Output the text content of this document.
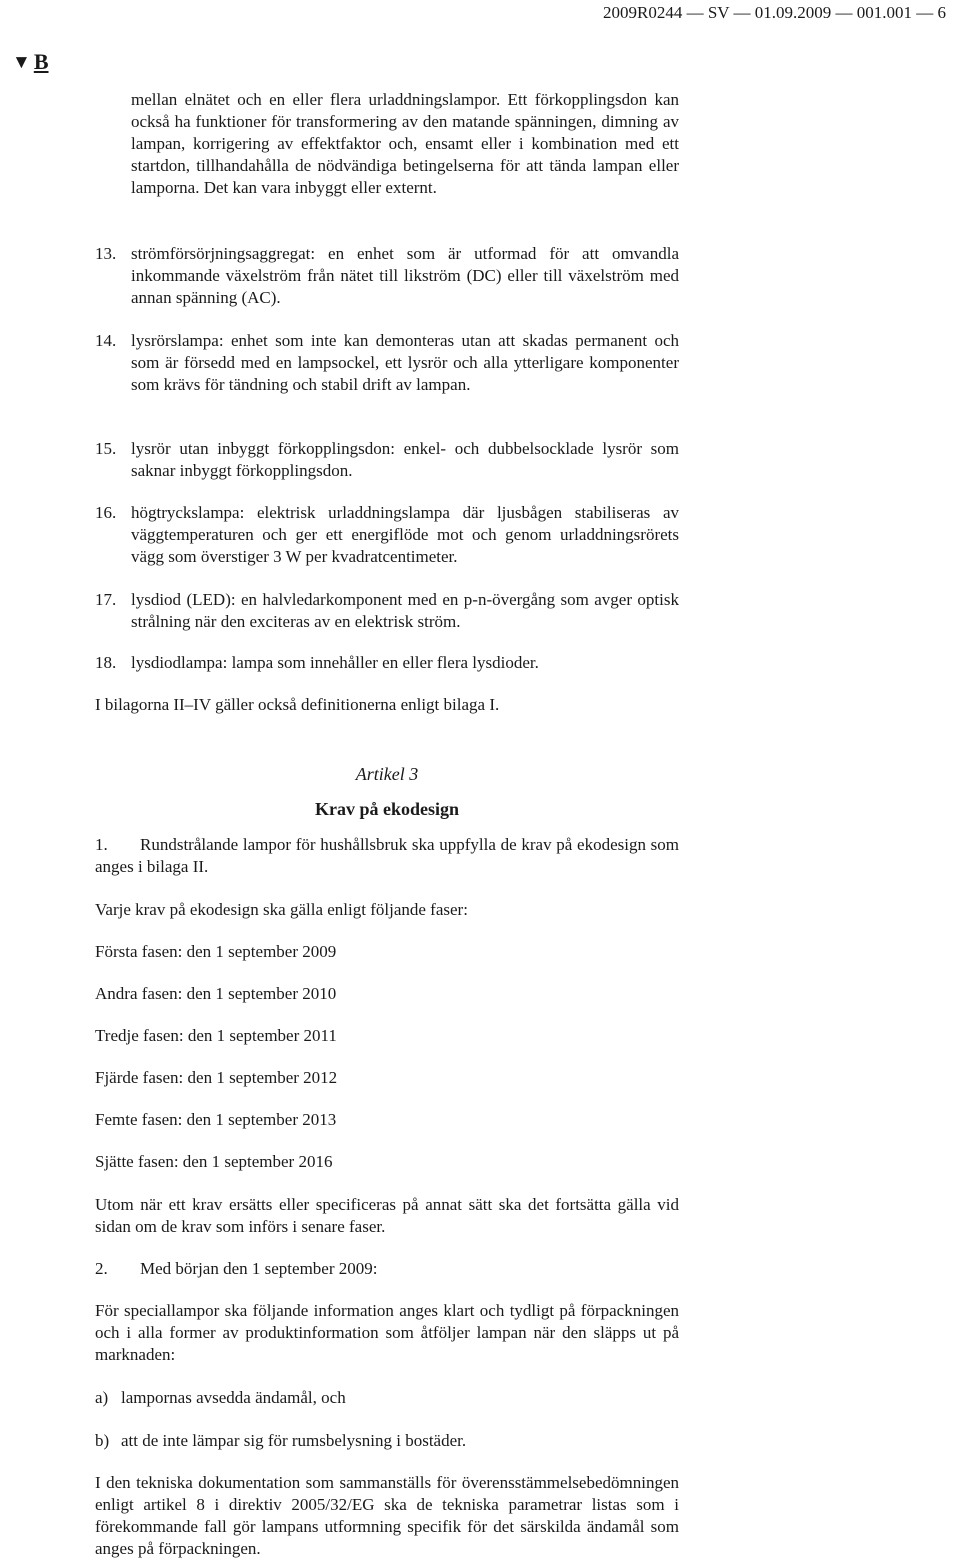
2009R0244 — SV — 01.09.2009 — 001.001 — 6
▼ B

mellan elnätet och en eller flera urladdningslampor. Ett förkopplingsdon kan också ha funktioner för transformering av den matande spänningen, dimning av lampan, korrigering av effektfaktor och, ensamt eller i kombination med ett startdon, tillhandahålla de nödvändiga betingelserna för att tända lampan eller lamporna. Det kan vara inbyggt eller externt.

13. strömförsörjningsaggregat: en enhet som är utformad för att omvandla inkommande växelström från nätet till likström (DC) eller till växelström med annan spänning (AC).
14. lysrörslampa: enhet som inte kan demonteras utan att skadas permanent och som är försedd med en lampsockel, ett lysrör och alla ytterligare komponenter som krävs för tändning och stabil drift av lampan.
15. lysrör utan inbyggt förkopplingsdon: enkel- och dubbelsocklade lysrör som saknar inbyggt förkopplingsdon.
16. högtryckslampa: elektrisk urladdningslampa där ljusbågen stabiliseras av väggtemperaturen och ger ett energiflöde mot och genom urladdningsrörets vägg som överstiger 3 W per kvadratcentimeter.
17. lysdiod (LED): en halvledarkomponent med en p-n-övergång som avger optisk strålning när den exciteras av en elektrisk ström.
18. lysdiodlampa: lampa som innehåller en eller flera lysdioder.

I bilagorna II–IV gäller också definitionerna enligt bilaga I.

Artikel 3

Krav på ekodesign

1.	Rundstrålande lampor för hushållsbruk ska uppfylla de krav på ekodesign som anges i bilaga II.

Varje krav på ekodesign ska gälla enligt följande faser:

Första fasen: den 1 september 2009

Andra fasen: den 1 september 2010

Tredje fasen: den 1 september 2011

Fjärde fasen: den 1 september 2012

Femte fasen: den 1 september 2013

Sjätte fasen: den 1 september 2016

Utom när ett krav ersätts eller specificeras på annat sätt ska det fortsätta gälla vid sidan om de krav som införs i senare faser.

2. Med början den 1 september 2009:

För speciallampor ska följande information anges klart och tydligt på förpackningen och i alla former av produktinformation som åtföljer lampan när den släpps ut på marknaden:

a) lampornas avsedda ändamål, och
b) att de inte lämpar sig för rumsbelysning i bostäder.

I den tekniska dokumentation som sammanställs för överensstämmelsebedömningen enligt artikel 8 i direktiv 2005/32/EG ska de tekniska parametrar listas som i förekommande fall gör lampans utformning specifik för det särskilda ändamål som anges på förpackningen.
